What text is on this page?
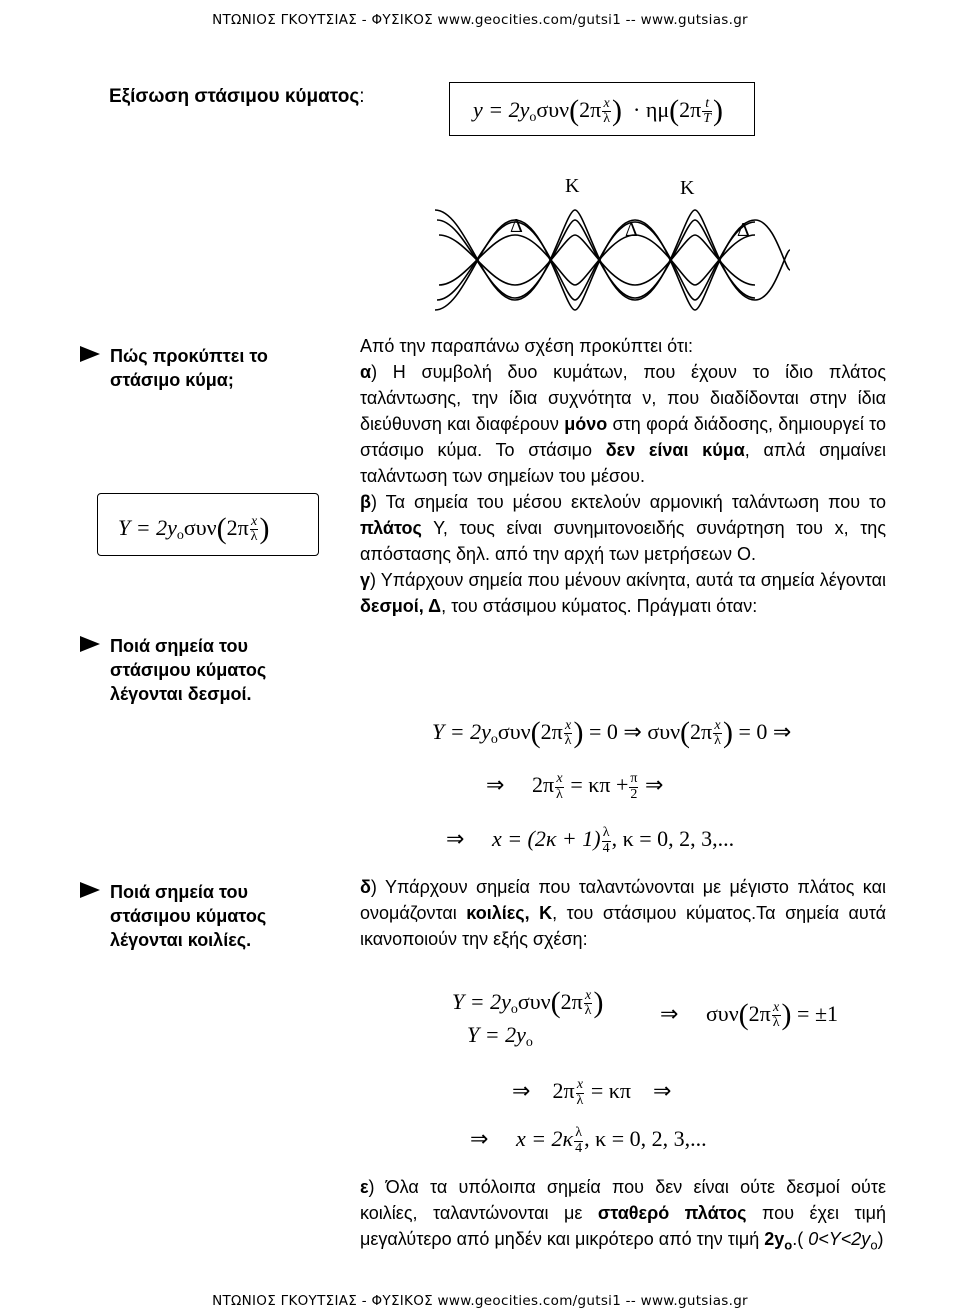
ΝΤΩΝΙΟΣ ΓΚΟΥΤΣΙΑΣ - ΦΥΣΙΚΟΣ www.geocities.com/gutsi1 -- www.gutsias.gr
Εξίσωση στάσιμου κύματος:
$y = 2y_o\sigma\upsilon\nu(2\pi \frac{x}{\lambda}$ )  · $\eta\mu(2\pi \frac{t}{T}$ )
K	K
Δ	Δ	Δ
Πώς προκύπτει το
στάσιμο κύμα;
$Y = 2y_o\sigma\upsilon\nu(2\pi \frac{x}{\lambda}$ )
Ποιά σημεία του
στάσιμου κύματος
λέγονται δεσμοί.
Ποιά σημεία του
στάσιμου κύματος
λέγονται κοιλίες.
Από την παραπάνω σχέση προκύπτει ότι:
α) Η συμβολή δυο κυμάτων, που έχουν το ίδιο πλάτος ταλάντωσης, την ίδια συχνότητα ν, που διαδίδονται στην ίδια διεύθυνση και διαφέρουν μόνο στη φορά διάδοσης, δημιουργεί το στάσιμο κύμα. Το στάσιμο δεν είναι κύμα, απλά σημαίνει ταλάντωση των σημείων του μέσου.
β) Τα σημεία του μέσου εκτελούν αρμονική ταλάντωση που το πλάτος Υ, τους είναι συνημιτονοειδής συνάρτηση του x, της απόστασης δηλ. από την αρχή των μετρήσεων Ο.
γ) Υπάρχουν σημεία που μένουν ακίνητα, αυτά τα σημεία λέγονται δεσμοί, Δ, του στάσιμου κύματος. Πράγματι όταν:
$Y = 2y_o\sigma\upsilon\nu(2\pi \frac{x}{\lambda}$ ) = 0 ⇒ $\sigma\upsilon\nu(2\pi \frac{x}{\lambda}$ ) = 0 ⇒
⇒ $2\pi \frac{x}{\lambda} = \kappa\pi + \frac{\pi}{2}$ ⇒
⇒ $x = (2\kappa + 1) \frac{\lambda}{4}$ , κ = 0, 2, 3,...
δ) Υπάρχουν σημεία που ταλαντώνονται με μέγιστο πλάτος και ονομάζονται κοιλίες, Κ, του στάσιμου κύματος.Τα σημεία αυτά ικανοποιούν την εξής σχέση:
$Y = 2y_o\sigma\upsilon\nu(2\pi \frac{x}{\lambda}$ )	⇒ $\sigma\upsilon\nu(2\pi \frac{x}{\lambda}$ ) = ±1
$Y = 2y_o$
⇒ $2\pi \frac{x}{\lambda} = \kappa\pi$ ⇒
⇒ $x = 2\kappa \frac{\lambda}{4}$ , κ = 0, 2, 3,...
ε) Όλα τα υπόλοιπα σημεία που δεν είναι ούτε δεσμοί ούτε κοιλίες, ταλαντώνονται με σταθερό πλάτος που έχει τιμή μεγαλύτερο από μηδέν και μικρότερο από την τιμή $2y_o$.( $0<Y<2y_o$)
ΝΤΩΝΙΟΣ ΓΚΟΥΤΣΙΑΣ - ΦΥΣΙΚΟΣ www.geocities.com/gutsi1 -- www.gutsias.gr
